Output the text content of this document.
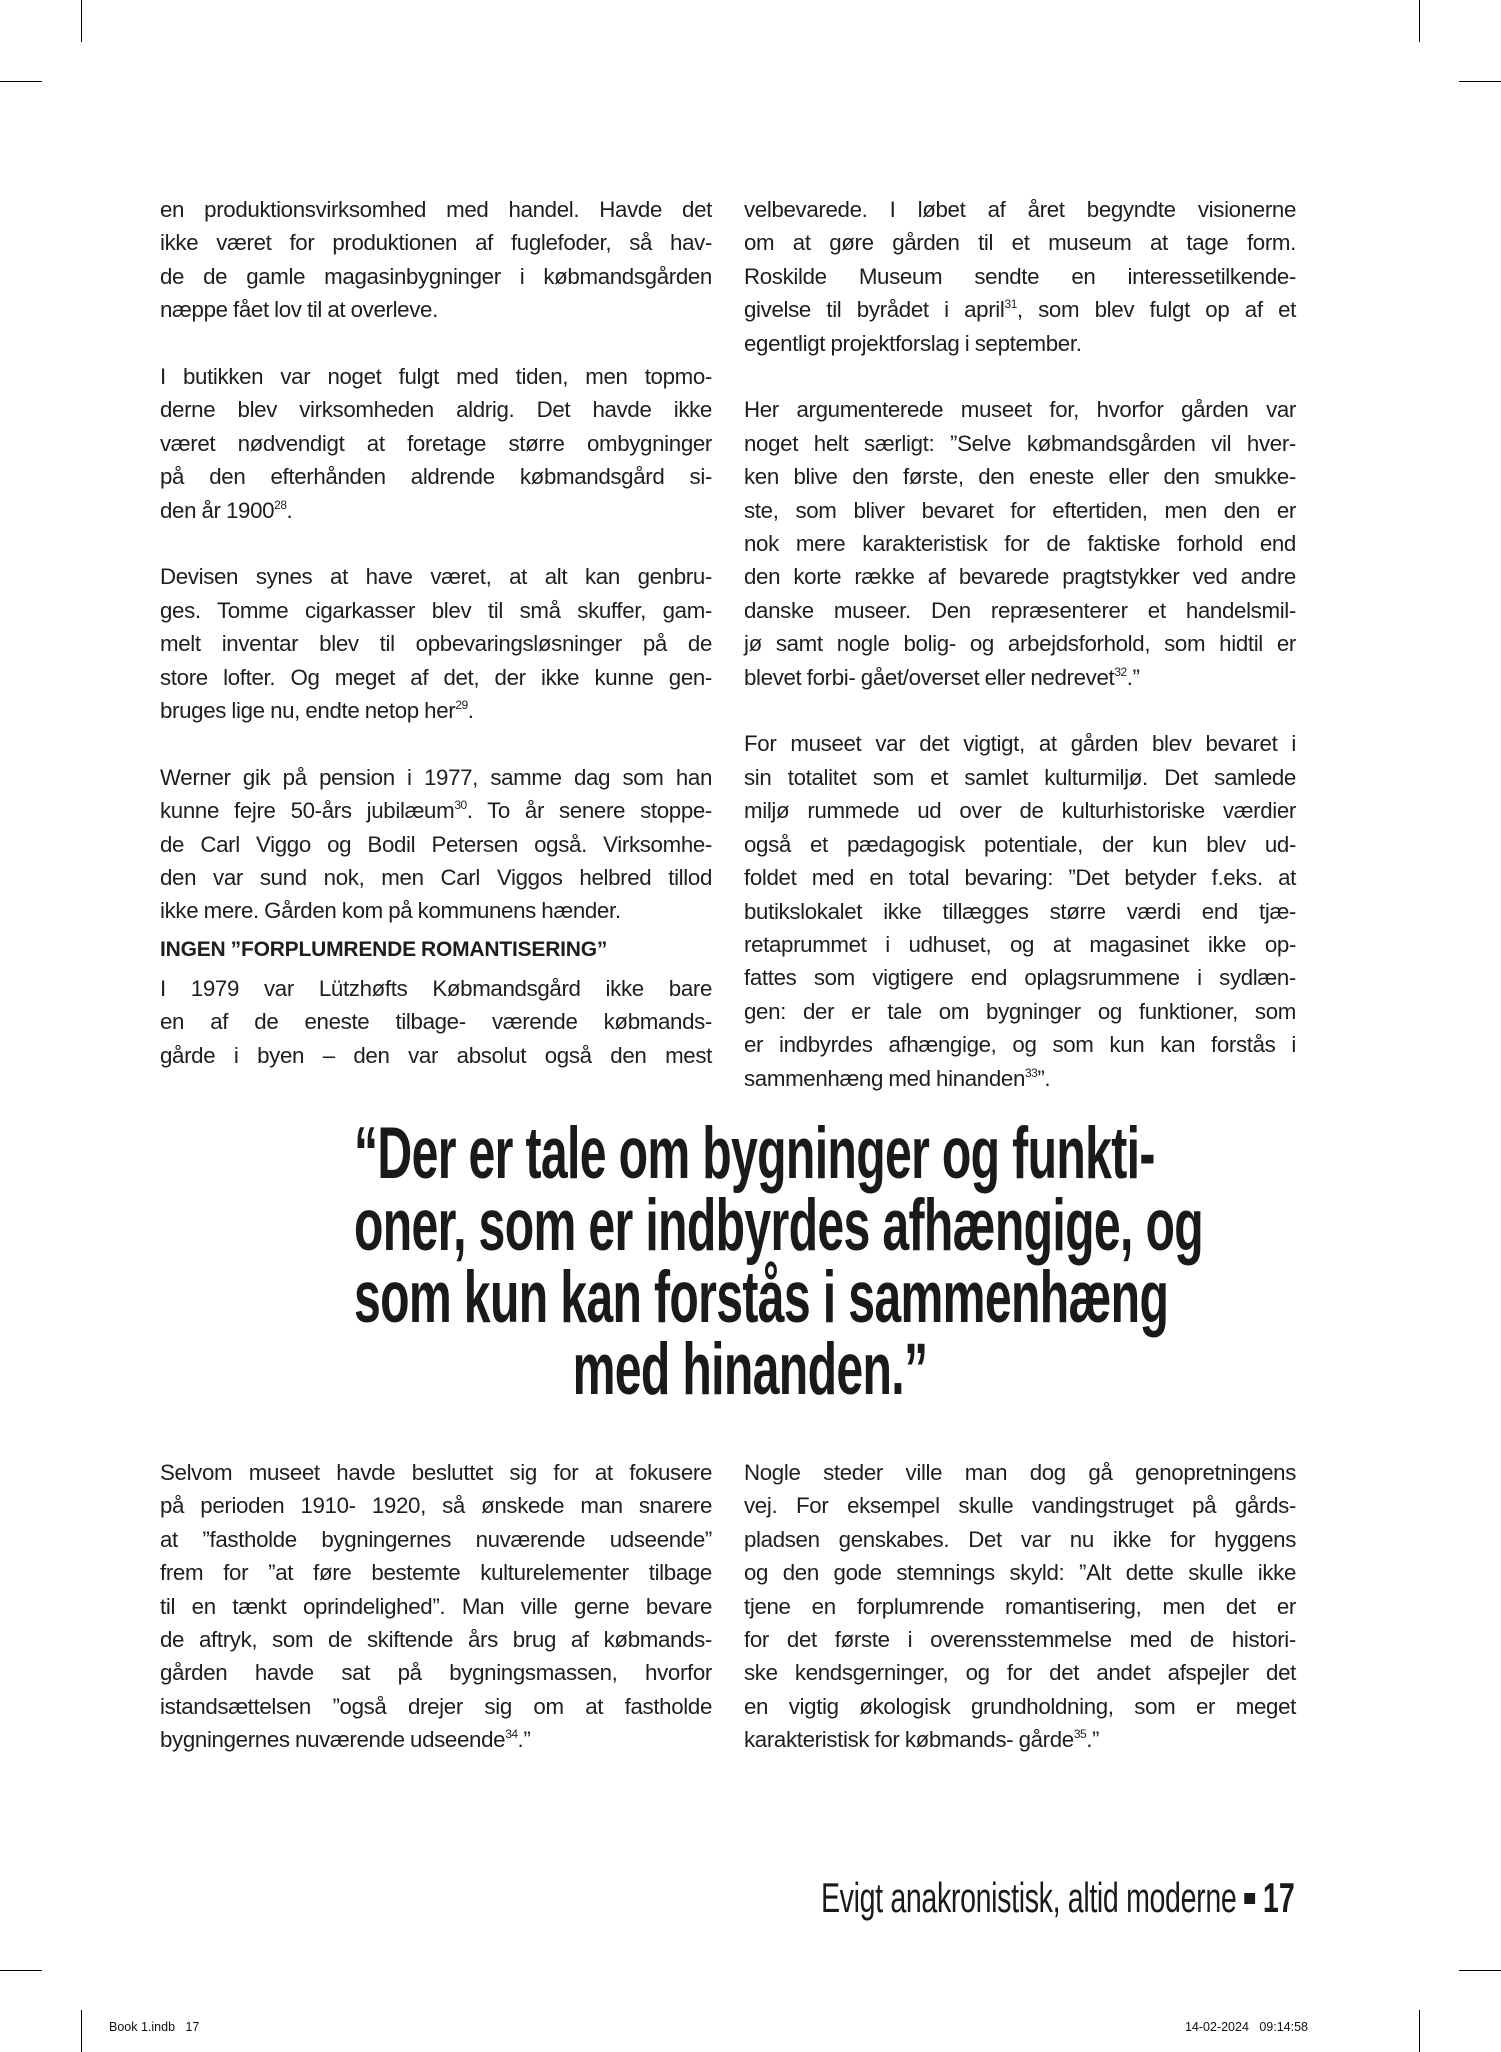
en produktionsvirksomhed med handel. Havde det
ikke været for produktionen af fuglefoder, så hav-
de de gamle magasinbygninger i købmandsgården
næppe fået lov til at overleve.

I butikken var noget fulgt med tiden, men topmo-
derne blev virksomheden aldrig. Det havde ikke
været nødvendigt at foretage større ombygninger
på den efterhånden aldrende købmandsgård si-
den år 1900$^{28}$.

Devisen synes at have været, at alt kan genbru-
ges. Tomme cigarkasser blev til små skuffer, gam-
melt inventar blev til opbevaringsløsninger på de
store lofter. Og meget af det, der ikke kunne gen-
bruges lige nu, endte netop her$^{29}$.

Werner gik på pension i 1977, samme dag som han
kunne fejre 50-års jubilæum$^{30}$. To år senere stoppe-
de Carl Viggo og Bodil Petersen også. Virksomhe-
den var sund nok, men Carl Viggos helbred tillod
ikke mere. Gården kom på kommunens hænder.

INGEN ”FORPLUMRENDE ROMANTISERING”

I 1979 var Lützhøfts Købmandsgård ikke bare
en af de eneste tilbage- værende købmands-
gårde i byen – den var absolut også den mest

velbevarede. I løbet af året begyndte visionerne
om at gøre gården til et museum at tage form.
Roskilde Museum sendte en interessetilkende-
givelse til byrådet i april$^{31}$, som blev fulgt op af et
egentligt projektforslag i september.

Her argumenterede museet for, hvorfor gården var
noget helt særligt: ”Selve købmandsgården vil hver-
ken blive den første, den eneste eller den smukke-
ste, som bliver bevaret for eftertiden, men den er
nok mere karakteristisk for de faktiske forhold end
den korte række af bevarede pragtstykker ved andre
danske museer. Den repræsenterer et handelsmil-
jø samt nogle bolig- og arbejdsforhold, som hidtil er
blevet forbi- gået/overset eller nedrevet$^{32}$.”

For museet var det vigtigt, at gården blev bevaret i
sin totalitet som et samlet kulturmiljø. Det samlede
miljø rummede ud over de kulturhistoriske værdier
også et pædagogisk potentiale, der kun blev ud-
foldet med en total bevaring: ”Det betyder f.eks. at
butikslokalet ikke tillægges større værdi end tjæ-
retaprummet i udhuset, og at magasinet ikke op-
fattes som vigtigere end oplagsrummene i sydlæn-
gen: der er tale om bygninger og funktioner, som
er indbyrdes afhængige, og som kun kan forstås i
sammenhæng med hinanden$^{33}$”.

“Der er tale om bygninger og funkti-
oner, som er indbyrdes afhængige, og
som kun kan forstås i sammenhæng
med hinanden.”

Selvom museet havde besluttet sig for at fokusere
på perioden 1910- 1920, så ønskede man snarere
at ”fastholde bygningernes nuværende udseende”
frem for ”at føre bestemte kulturelementer tilbage
til en tænkt oprindelighed”. Man ville gerne bevare
de aftryk, som de skiftende års brug af købmands-
gården havde sat på bygningsmassen, hvorfor
istandsættelsen ”også drejer sig om at fastholde
bygningernes nuværende udseende$^{34}$.”

Nogle steder ville man dog gå genopretningens
vej. For eksempel skulle vandingstruget på gårds-
pladsen genskabes. Det var nu ikke for hyggens
og den gode stemnings skyld: ”Alt dette skulle ikke
tjene en forplumrende romantisering, men det er
for det første i overensstemmelse med de histori-
ske kendsgerninger, og for det andet afspejler det
en vigtig økologisk grundholdning, som er meget
karakteristisk for købmands- gårde$^{35}$.”

Evigt anakronistisk, altid moderne 17
Book 1.indb   17	14-02-2024   09:14:58
